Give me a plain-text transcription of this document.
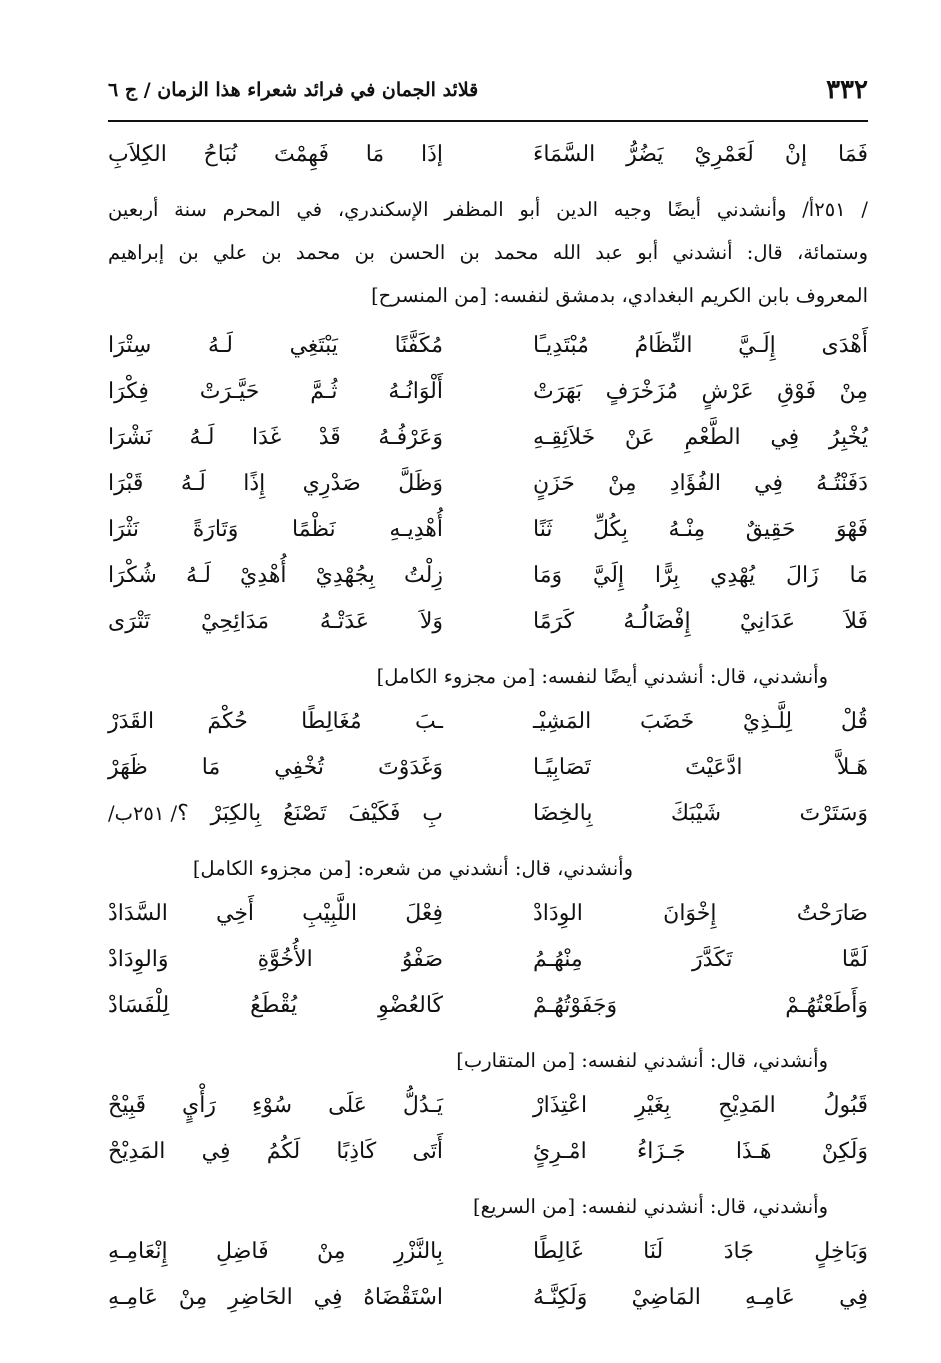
٣٣٢
قلائد الجمان في فرائد شعراء هذا الزمان / ج ٦
فَمَا إنْ لَعَمْرِيْ يَضُرُّ السَّمَاءَ
إذَا مَا فَهِمْتَ نُبَاحُ الكِلاَبِ
/ ٢٥١أ/ وأنشدني أيضًا وجيه الدين أبو المظفر الإسكندري، في المحرم سنة أربعين
وستمائة، قال: أنشدني أبو عبد الله محمد بن الحسن بن محمد بن علي بن إبراهيم
المعروف بابن الكريم البغدادي، بدمشق لنفسه: [من المنسرح]
أَهْدَى إِلَـيَّ النِّظَامُ مُبْتَدِيـًا
مُكَفَّنًا يَبْتَغِي لَـهُ سِتْرَا
مِنْ فَوْقِ عَرْشٍ مُزَخْرَفٍ بَهَرَتْ
أَلْوَانُـهُ ثُـمَّ حَيَّـرَتْ فِكْرَا
يُخْبِرُ فِي الطَّعْمِ عَنْ خَلاَئِقِـهِ
وَعَرْفُـهُ قَدْ غَدَا لَـهُ نَشْرَا
دَفَنْتُـهُ فِي الفُؤَادِ مِنْ حَزَنٍ
وَظَلَّ صَدْرِي إِذًا لَـهُ قَبْرَا
فَهْوَ حَقِيقٌ مِنْـهُ بِكُلِّ ثَنًا
أُهْدِيـهِ نَظْمًا وَتَارَةً نَثْرَا
مَا زَالَ يُهْدِي بِرًّا إِلَيَّ وَمَا
زِلْتُ بِجُهْدِيْ أُهْدِيْ لَـهُ شُكْرَا
فَلاَ عَدَانِيْ إِفْضَالُـهُ كَرَمًا
وَلاَ عَدَتْـهُ مَدَائِحِيْ تَتْرَى
وأنشدني، قال: أنشدني أيضًا لنفسه: [من مجزوء الكامل]
قُلْ لِلَّـذِيْ خَضَبَ المَشِيْـ
ـبَ مُغَالِطًا حُكْمَ القَدَرْ
هَـلاَّ ادَّعَيْتَ تَصَابِيًـا
وَغَدَوْتَ تُخْفِي مَا ظَهَرْ
وَسَتَرْتَ شَيْبَكَ بِالخِضَا
بِ فَكَيْفَ تَصْنَعُ بِالكِبَرْ ؟
/ ٢٥١ب/
وأنشدني، قال: أنشدني من شعره: [من مجزوء الكامل]
صَارَحْتُ إِخْوَانَ الوِدَادْ
فِعْلَ اللَّبِيْبِ أَخِي السَّدَادْ
لَمَّا تَكَدَّرَ مِنْهُـمُ
صَفْوُ الأُخُوَّةِ وَالوِدَادْ
وَأَطَعْتُهُـمْ وَجَفَوْتُهُـمْ
كَالعُضْوِ يُقْطَعُ لِلْفَسَادْ
وأنشدني، قال: أنشدني لنفسه: [من المتقارب]
قَبُولُ المَدِيْحِ بِغَيْرِ اعْتِذَارْ
يَـدُلُّ عَلَى سُوْءِ رَأْيٍ قَبِيْحْ
وَلَكِنْ هَـذَا جَـزَاءُ امْـرِئٍ
أَتَى كَاذِبًا لَكُمُ فِي المَدِيْحْ
وأنشدني، قال: أنشدني لنفسه: [من السريع]
وَبَاخِلٍ جَادَ لَنَا غَالِطًا
بِالنَّزْرِ مِنْ فَاضِلِ إِنْعَامِـهِ
فِي عَامِـهِ المَاضِيْ وَلَكِنَّـهُ
اسْتَقْضَاهُ فِي الحَاضِرِ مِنْ عَامِـهِ
